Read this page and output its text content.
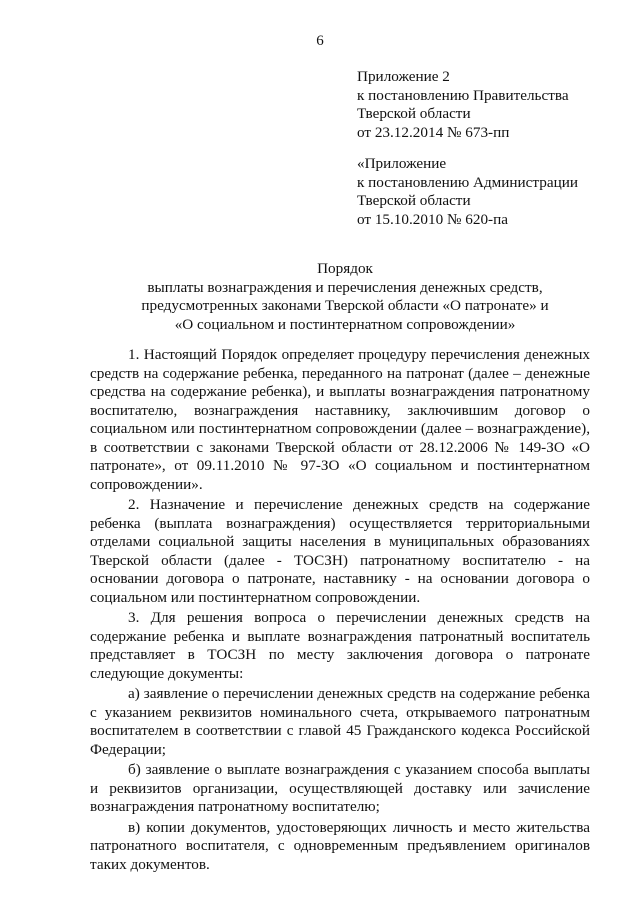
6
Приложение 2
к постановлению Правительства
Тверской области
от 23.12.2014 № 673-пп
«Приложение
к постановлению Администрации
Тверской области
от 15.10.2010 № 620-па
Порядок
выплаты вознаграждения и перечисления денежных средств,
предусмотренных законами Тверской области «О патронате» и
«О социальном и постинтернатном сопровождении»

1. Настоящий Порядок определяет процедуру перечисления денежных средств на содержание ребенка, переданного на патронат (далее – денежные средства на содержание ребенка), и выплаты вознаграждения патронатному воспитателю, вознаграждения наставнику, заключившим договор о социальном или постинтернатном сопровождении (далее – вознаграждение), в соответствии с законами Тверской области от 28.12.2006 № 149-ЗО «О патронате», от 09.11.2010 № 97-ЗО «О социальном и постинтернатном сопровождении».

2. Назначение и перечисление денежных средств на содержание ребенка (выплата вознаграждения) осуществляется территориальными отделами социальной защиты населения в муниципальных образованиях Тверской области (далее - ТОСЗН) патронатному воспитателю - на основании договора о патронате, наставнику - на основании договора о социальном или постинтернатном сопровождении.

3. Для решения вопроса о перечислении денежных средств на содержание ребенка и выплате вознаграждения патронатный воспитатель представляет в ТОСЗН по месту заключения договора о патронате следующие документы:

а) заявление о перечислении денежных средств на содержание ребенка с указанием реквизитов номинального счета, открываемого патронатным воспитателем в соответствии с главой 45 Гражданского кодекса Российской Федерации;

б) заявление о выплате вознаграждения с указанием способа выплаты и реквизитов организации, осуществляющей доставку или зачисление вознаграждения патронатному воспитателю;

в) копии документов, удостоверяющих личность и место жительства патронатного воспитателя, с одновременным предъявлением оригиналов таких документов.
